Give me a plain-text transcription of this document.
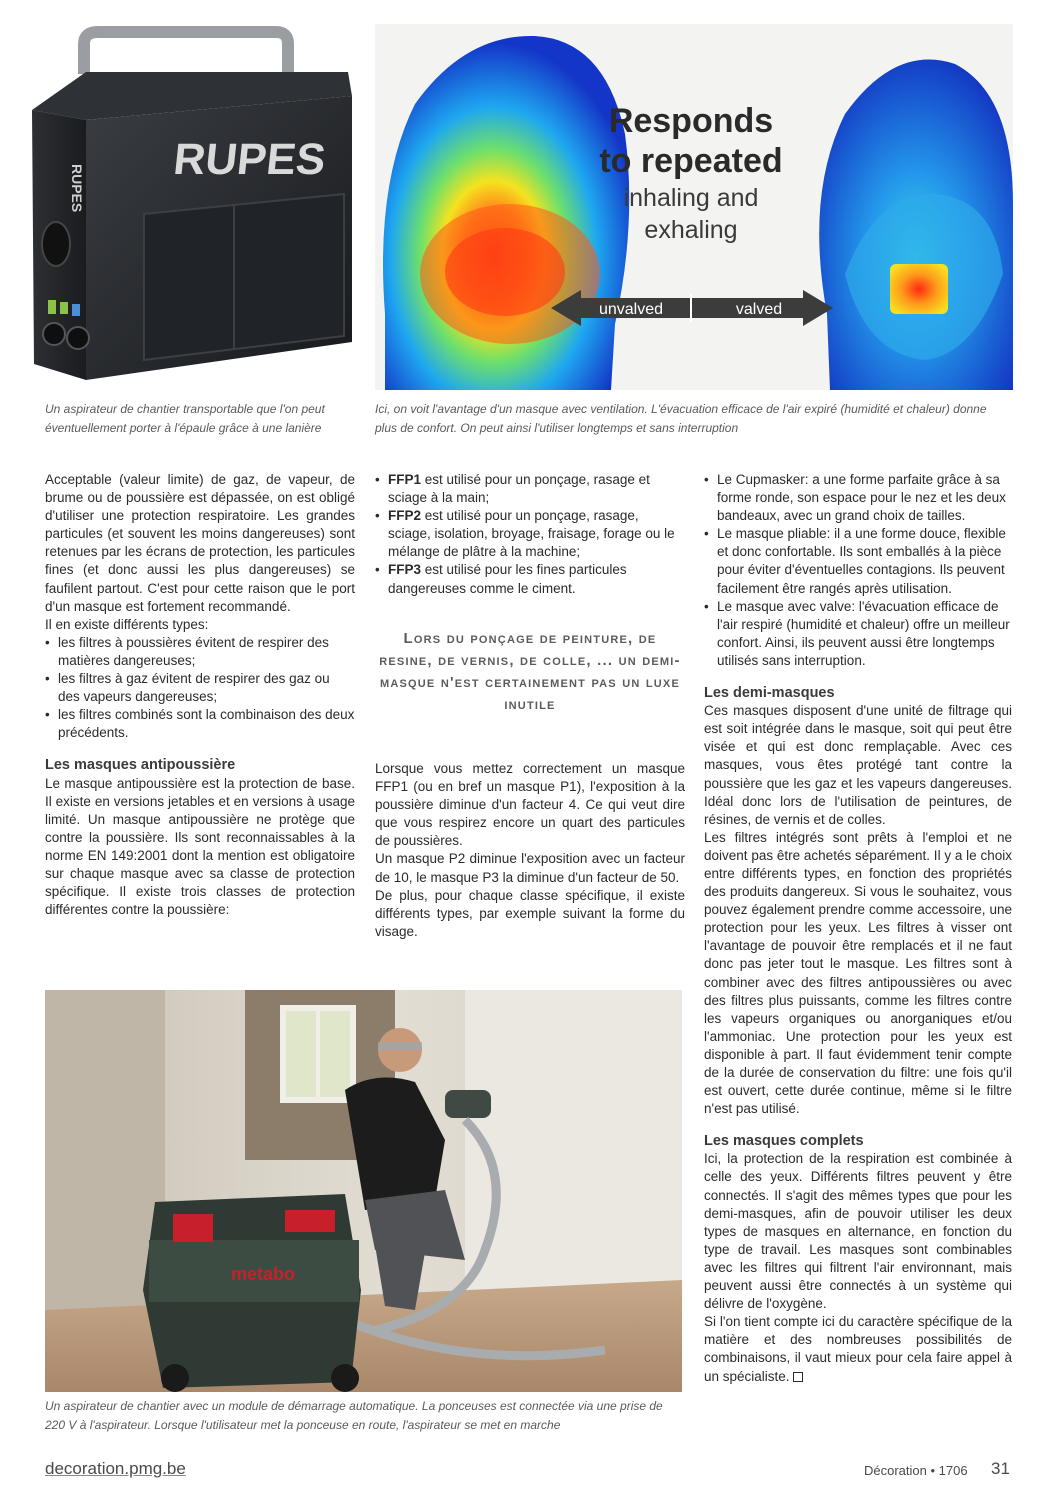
RUPES
RUPES
Responds
to repeated
inhaling and
exhaling
unvalved	valved
Un aspirateur de chantier transportable que l'on peut éventuellement porter à l'épaule grâce à une lanière
Ici, on voit l'avantage d'un masque avec ventilation. L'évacuation efficace de l'air expiré (humidité et chaleur) donne plus de confort. On peut ainsi l'utiliser longtemps et sans interruption

Acceptable (valeur limite) de gaz, de vapeur, de brume ou de poussière est dépassée, on est obligé d'utiliser une protection respiratoire. Les grandes particules (et souvent les moins dangereuses) sont retenues par les écrans de protection, les particules fines (et donc aussi les plus dangereuses) se faufilent partout. C'est pour cette raison que le port d'un masque est fortement recommandé.

Il en existe différents types:

• les filtres à poussières évitent de respirer des matières dangereuses;

• les filtres à gaz évitent de respirer des gaz ou des vapeurs dangereuses;

• les filtres combinés sont la combinaison des deux précédents.

Les masques antipoussière

Le masque antipoussière est la protection de base. Il existe en versions jetables et en versions à usage limité. Un masque antipoussière ne protège que contre la poussière. Ils sont reconnaissables à la norme EN 149:2001 dont la mention est obligatoire sur chaque masque avec sa classe de protection spécifique. Il existe trois classes de protection différentes contre la poussière:

• FFP1 est utilisé pour un ponçage, rasage et sciage à la main;

• FFP2 est utilisé pour un ponçage, rasage, sciage, isolation, broyage, fraisage, forage ou le mélange de plâtre à la machine;

• FFP3 est utilisé pour les fines particules dangereuses comme le ciment.

Lors du ponçage de peinture, de resine, de vernis, de colle, ... un demi-masque n'est certainement pas un luxe inutile

Lorsque vous mettez correctement un masque FFP1 (ou en bref un masque P1), l'exposition à la poussière diminue d'un facteur 4. Ce qui veut dire que vous respirez encore un quart des particules de poussières.

Un masque P2 diminue l'exposition avec un facteur de 10, le masque P3 la diminue d'un facteur de 50.

De plus, pour chaque classe spécifique, il existe différents types, par exemple suivant la forme du visage.

• Le Cupmasker: a une forme parfaite grâce à sa forme ronde, son espace pour le nez et les deux bandeaux, avec un grand choix de tailles.

• Le masque pliable: il a une forme douce, flexible et donc confortable. Ils sont emballés à la pièce pour éviter d'éventuelles contagions. Ils peuvent facilement être rangés après utilisation.

• Le masque avec valve: l'évacuation efficace de l'air respiré (humidité et chaleur) offre un meilleur confort. Ainsi, ils peuvent aussi être longtemps utilisés sans interruption.

Les demi-masques

Ces masques disposent d'une unité de filtrage qui est soit intégrée dans le masque, soit qui peut être visée et qui est donc remplaçable. Avec ces masques, vous êtes protégé tant contre la poussière que les gaz et les vapeurs dangereuses. Idéal donc lors de l'utilisation de peintures, de résines, de vernis et de colles.

Les filtres intégrés sont prêts à l'emploi et ne doivent pas être achetés séparément. Il y a le choix entre différents types, en fonction des propriétés des produits dangereux. Si vous le souhaitez, vous pouvez également prendre comme accessoire, une protection pour les yeux. Les filtres à visser ont l'avantage de pouvoir être remplacés et il ne faut donc pas jeter tout le masque. Les filtres sont à combiner avec des filtres antipoussières ou avec des filtres plus puissants, comme les filtres contre les vapeurs organiques ou anorganiques et/ou l'ammoniac. Une protection pour les yeux est disponible à part. Il faut évidemment tenir compte de la durée de conservation du filtre: une fois qu'il est ouvert, cette durée continue, même si le filtre n'est pas utilisé.

Les masques complets

Ici, la protection de la respiration est combinée à celle des yeux. Différents filtres peuvent y être connectés. Il s'agit des mêmes types que pour les demi-masques, afin de pouvoir utiliser les deux types de masques en alternance, en fonction du type de travail. Les masques sont combinables avec les filtres qui filtrent l'air environnant, mais peuvent aussi être connectés à un système qui délivre de l'oxygène.

Si l'on tient compte ici du caractère spécifique de la matière et des nombreuses possibilités de combinaisons, il vaut mieux pour cela faire appel à un spécialiste.

metabo
Un aspirateur de chantier avec un module de démarrage automatique. La ponceuses est connectée via une prise de 220 V à l'aspirateur. Lorsque l'utilisateur met la ponceuse en route, l'aspirateur se met en marche
decoration.pmg.be	Décoration • 1706 31
